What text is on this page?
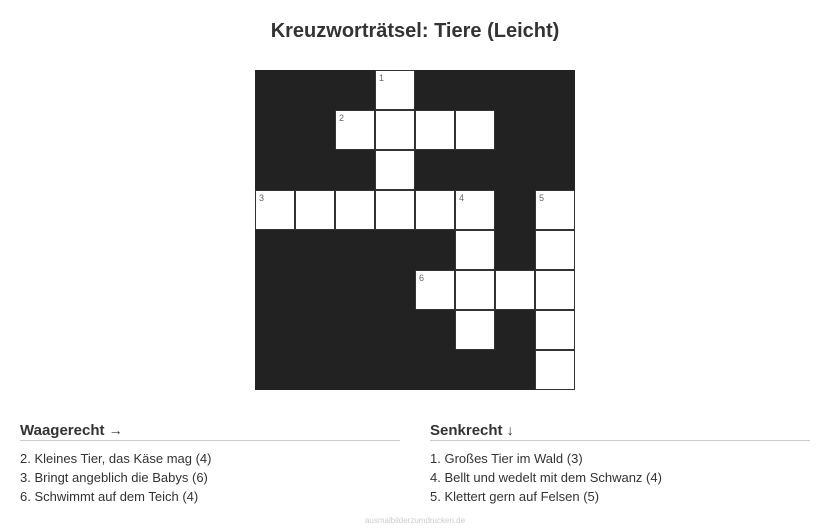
Kreuzworträtsel: Tiere (Leicht)
1
2
3	4	5
6
Waagerecht →
2. Kleines Tier, das Käse mag (4)
3. Bringt angeblich die Babys (6)
6. Schwimmt auf dem Teich (4)
Senkrecht ↓
1. Großes Tier im Wald (3)
4. Bellt und wedelt mit dem Schwanz (4)
5. Klettert gern auf Felsen (5)
ausmalbilderzumdrucken.de
